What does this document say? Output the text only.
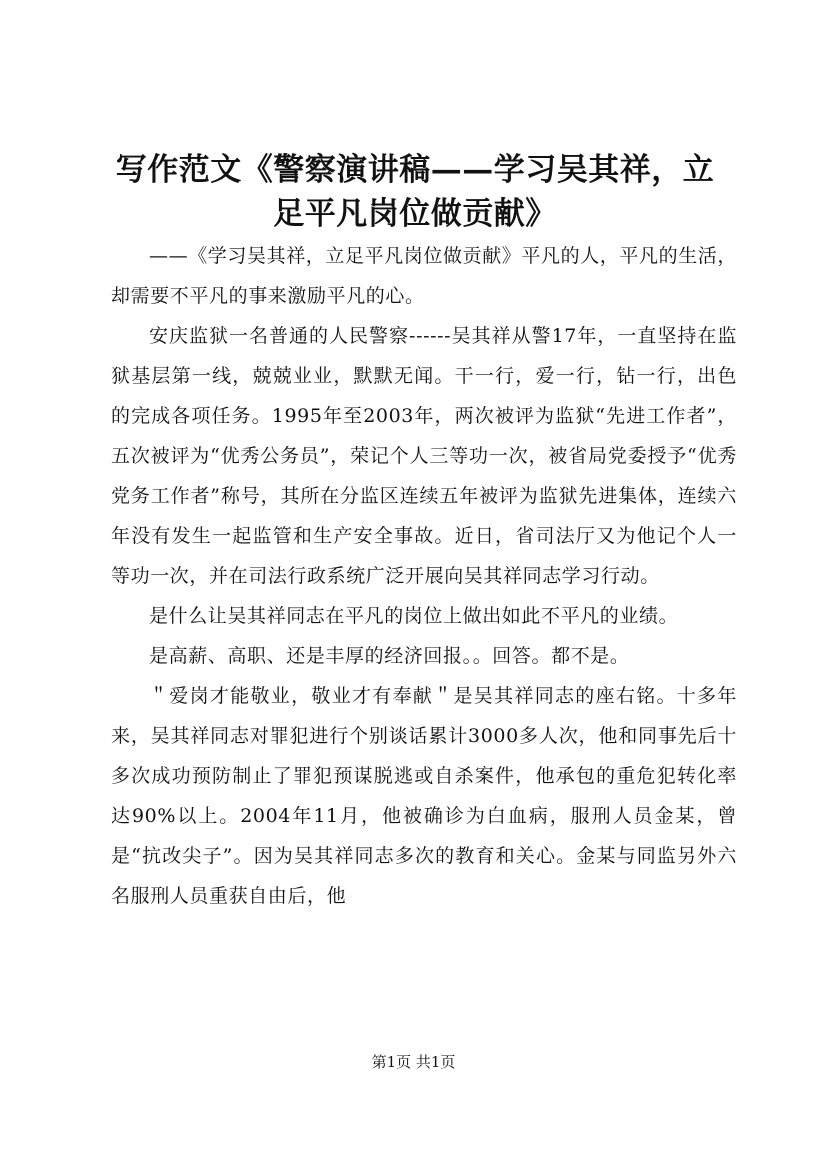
写作范文《警察演讲稿——学习吴其祥，立足平凡岗位做贡献》

——《学习吴其祥，立足平凡岗位做贡献》平凡的人，平凡的生活，却需要不平凡的事来激励平凡的心。

安庆监狱一名普通的人民警察------吴其祥从警17年，一直坚持在监狱基层第一线，兢兢业业，默默无闻。干一行，爱一行，钻一行，出色的完成各项任务。1995年至2003年，两次被评为监狱“先进工作者”，五次被评为“优秀公务员”，荣记个人三等功一次，被省局党委授予“优秀党务工作者”称号，其所在分监区连续五年被评为监狱先进集体，连续六年没有发生一起监管和生产安全事故。近日，省司法厅又为他记个人一等功一次，并在司法行政系统广泛开展向吴其祥同志学习行动。

是什么让吴其祥同志在平凡的岗位上做出如此不平凡的业绩。

是高薪、高职、还是丰厚的经济回报。。回答。都不是。

＂爱岗才能敬业，敬业才有奉献＂是吴其祥同志的座右铭。十多年来，吴其祥同志对罪犯进行个别谈话累计3000多人次，他和同事先后十多次成功预防制止了罪犯预谋脱逃或自杀案件，他承包的重危犯转化率达90%以上。2004年11月，他被确诊为白血病，服刑人员金某，曾是“抗改尖子”。因为吴其祥同志多次的教育和关心。金某与同监另外六名服刑人员重获自由后，他

第1页 共1页
